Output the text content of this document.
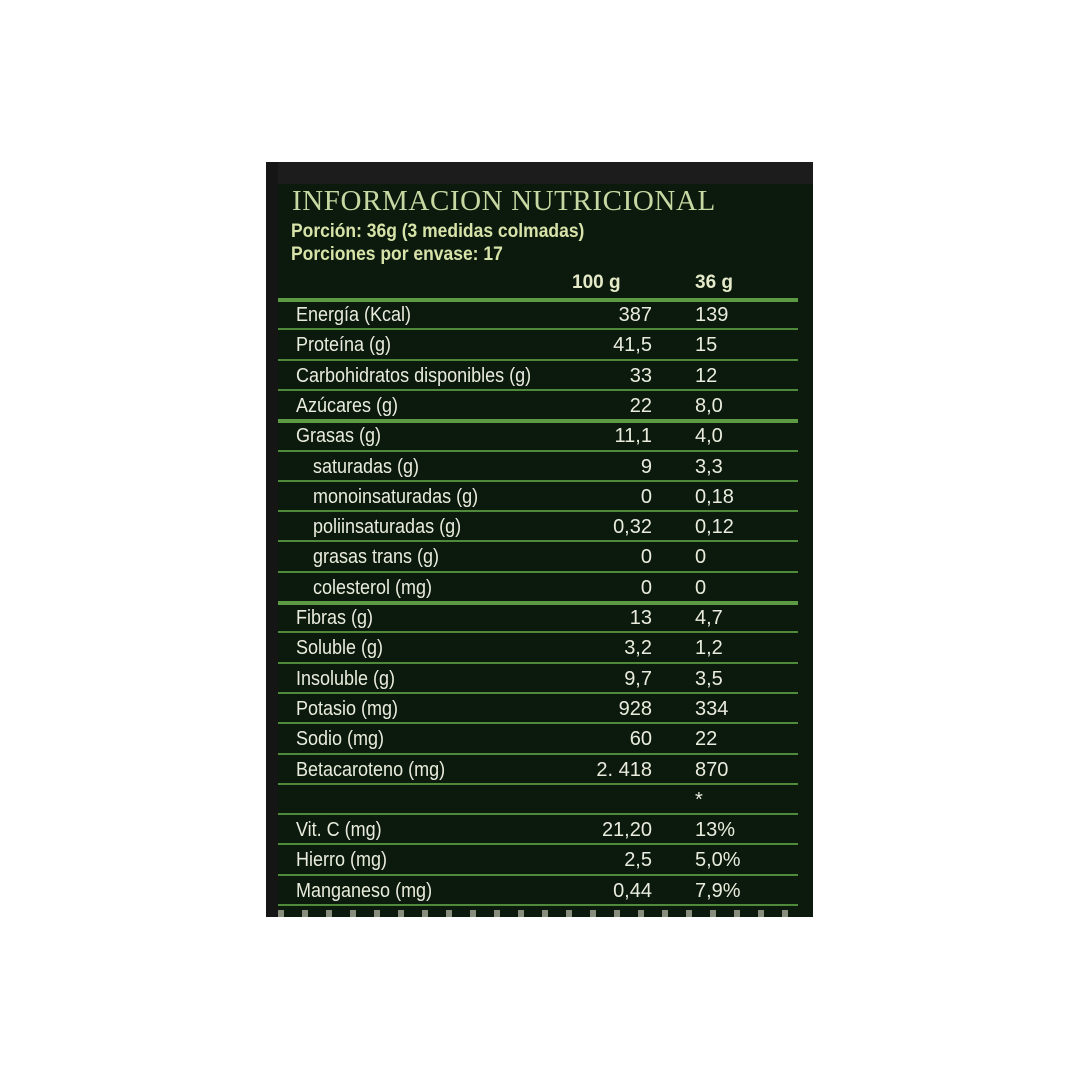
INFORMACION NUTRICIONAL
Porción: 36g (3 medidas colmadas)
Porciones por envase: 17
100 g	36 g
Energía (Kcal)	387 139
Proteína (g)	41,5 15
Carbohidratos disponibles (g)	33 12
Azúcares (g)	22 8,0
Grasas (g)	11,1 4,0
saturadas (g)	9 3,3
monoinsaturadas (g)	0 0,18
poliinsaturadas (g)	0,32 0,12
grasas trans (g)	0 0
colesterol (mg)	0 0
Fibras (g)	13 4,7
Soluble (g)	3,2 1,2
Insoluble (g)	9,7 3,5
Potasio (mg)	928 334
Sodio (mg)	60 22
Betacaroteno (mg)	2. 418 870
*
Vit. C (mg)	21,20 13%
Hierro (mg)	2,5 5,0%
Manganeso (mg)	0,44 7,9%
